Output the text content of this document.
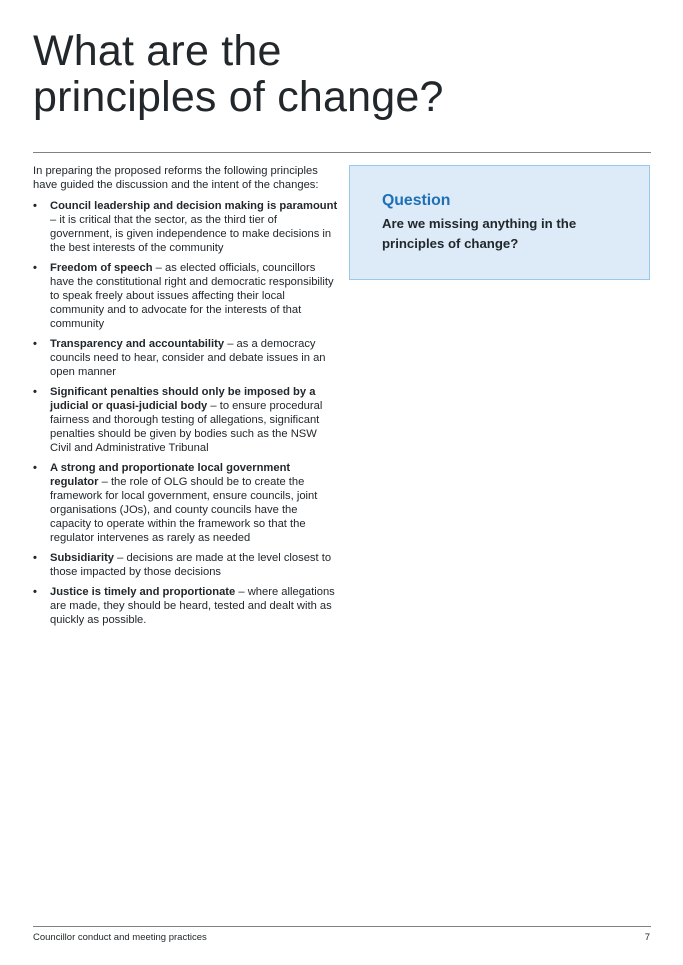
What are the
principles of change?

In preparing the proposed reforms the following principles have guided the discussion and the intent of the changes:

• Council leadership and decision making is paramount – it is critical that the sector, as the third tier of government, is given independence to make decisions in the best interests of the community
• Freedom of speech – as elected officials, councillors have the constitutional right and democratic responsibility to speak freely about issues affecting their local community and to advocate for the interests of that community
• Transparency and accountability – as a democracy councils need to hear, consider and debate issues in an open manner
• Significant penalties should only be imposed by a judicial or quasi-judicial body – to ensure procedural fairness and thorough testing of allegations, significant penalties should be given by bodies such as the NSW Civil and Administrative Tribunal
• A strong and proportionate local government regulator – the role of OLG should be to create the framework for local government, ensure councils, joint organisations (JOs), and county councils have the capacity to operate within the framework so that the regulator intervenes as rarely as needed
• Subsidiarity – decisions are made at the level closest to those impacted by those decisions
• Justice is timely and proportionate – where allegations are made, they should be heard, tested and dealt with as quickly as possible.
Question

Are we missing anything in the principles of change?

Councillor conduct and meeting practices	7
